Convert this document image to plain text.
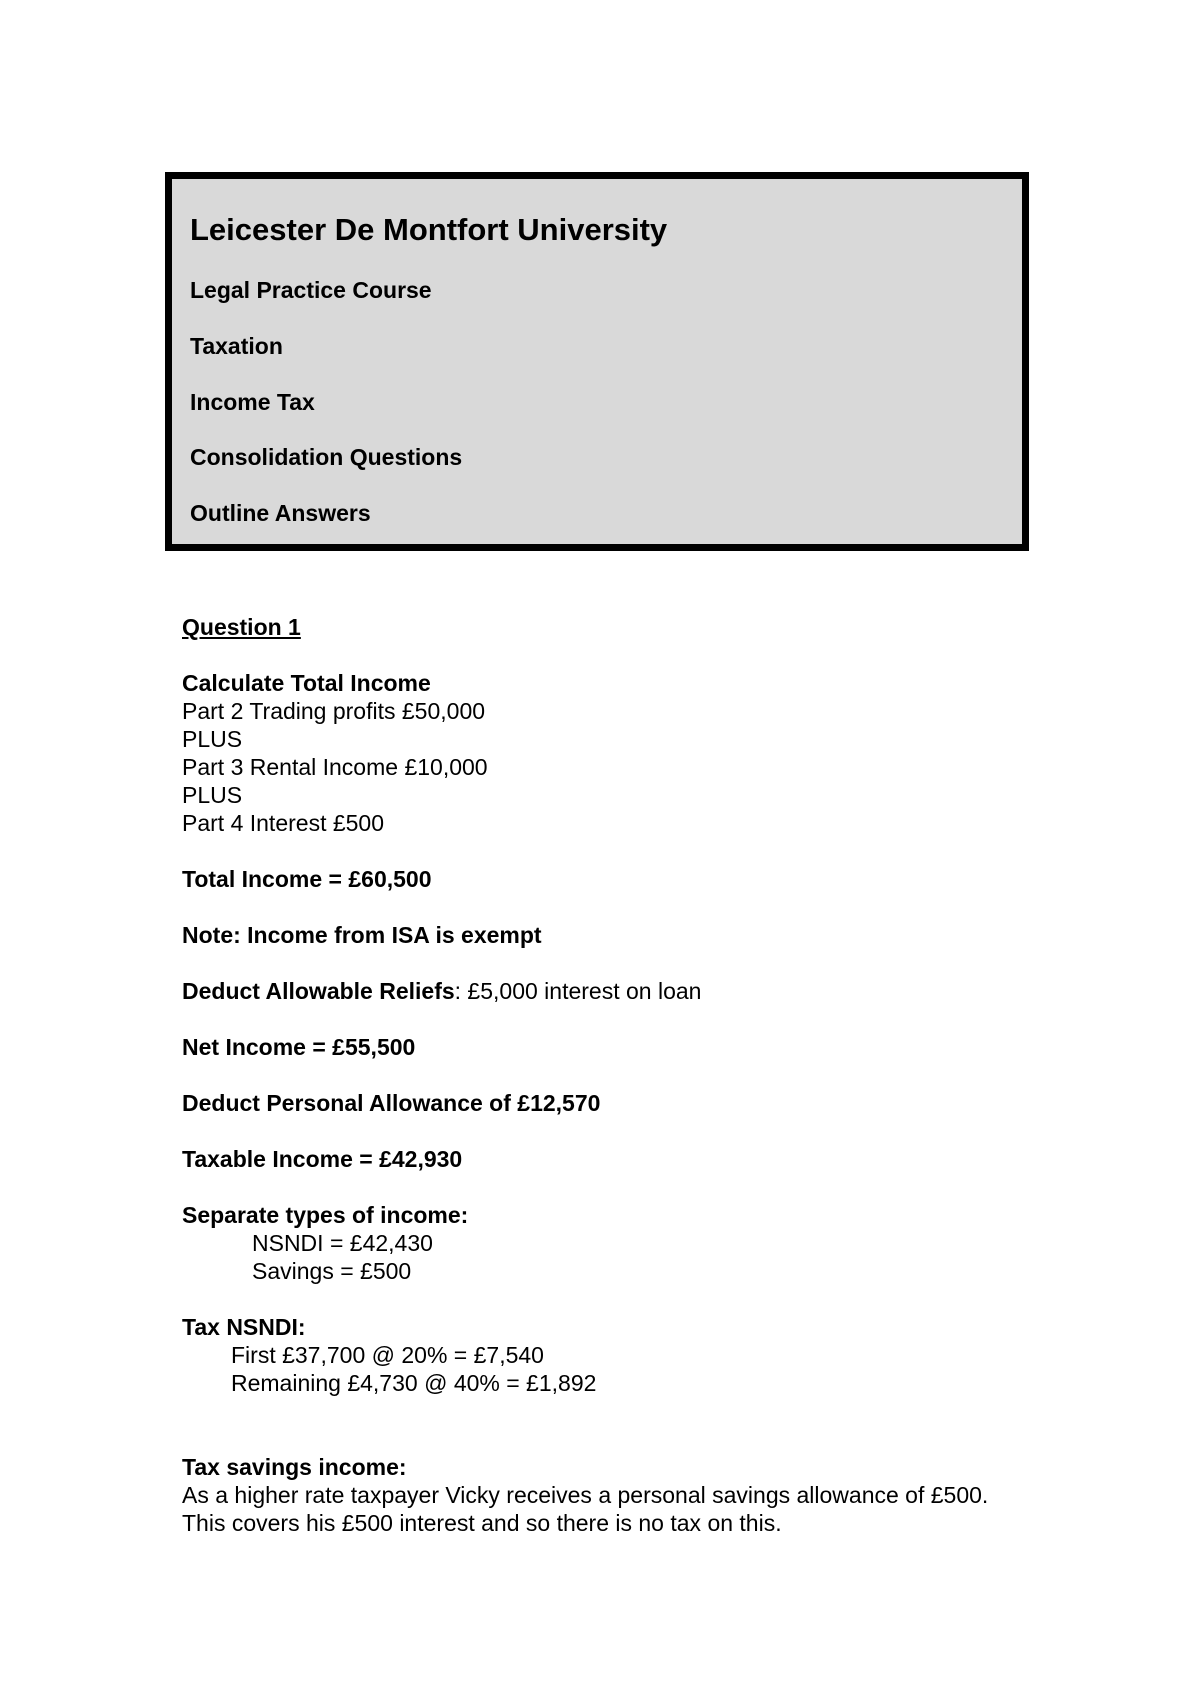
Leicester De Montfort University

Legal Practice Course

Taxation

Income Tax

Consolidation Questions

Outline Answers

Question 1
Calculate Total Income
Part 2 Trading profits £50,000
PLUS
Part 3 Rental Income £10,000
PLUS
Part 4 Interest £500
Total Income = £60,500
Note: Income from ISA is exempt
Deduct Allowable Reliefs: £5,000 interest on loan
Net Income = £55,500
Deduct Personal Allowance of £12,570
Taxable Income = £42,930
Separate types of income:
NSNDI = £42,430
Savings = £500
Tax NSNDI:
First £37,700 @ 20% = £7,540
Remaining £4,730 @ 40% = £1,892
Tax savings income:
As a higher rate taxpayer Vicky receives a personal savings allowance of £500. This covers his £500 interest and so there is no tax on this.
